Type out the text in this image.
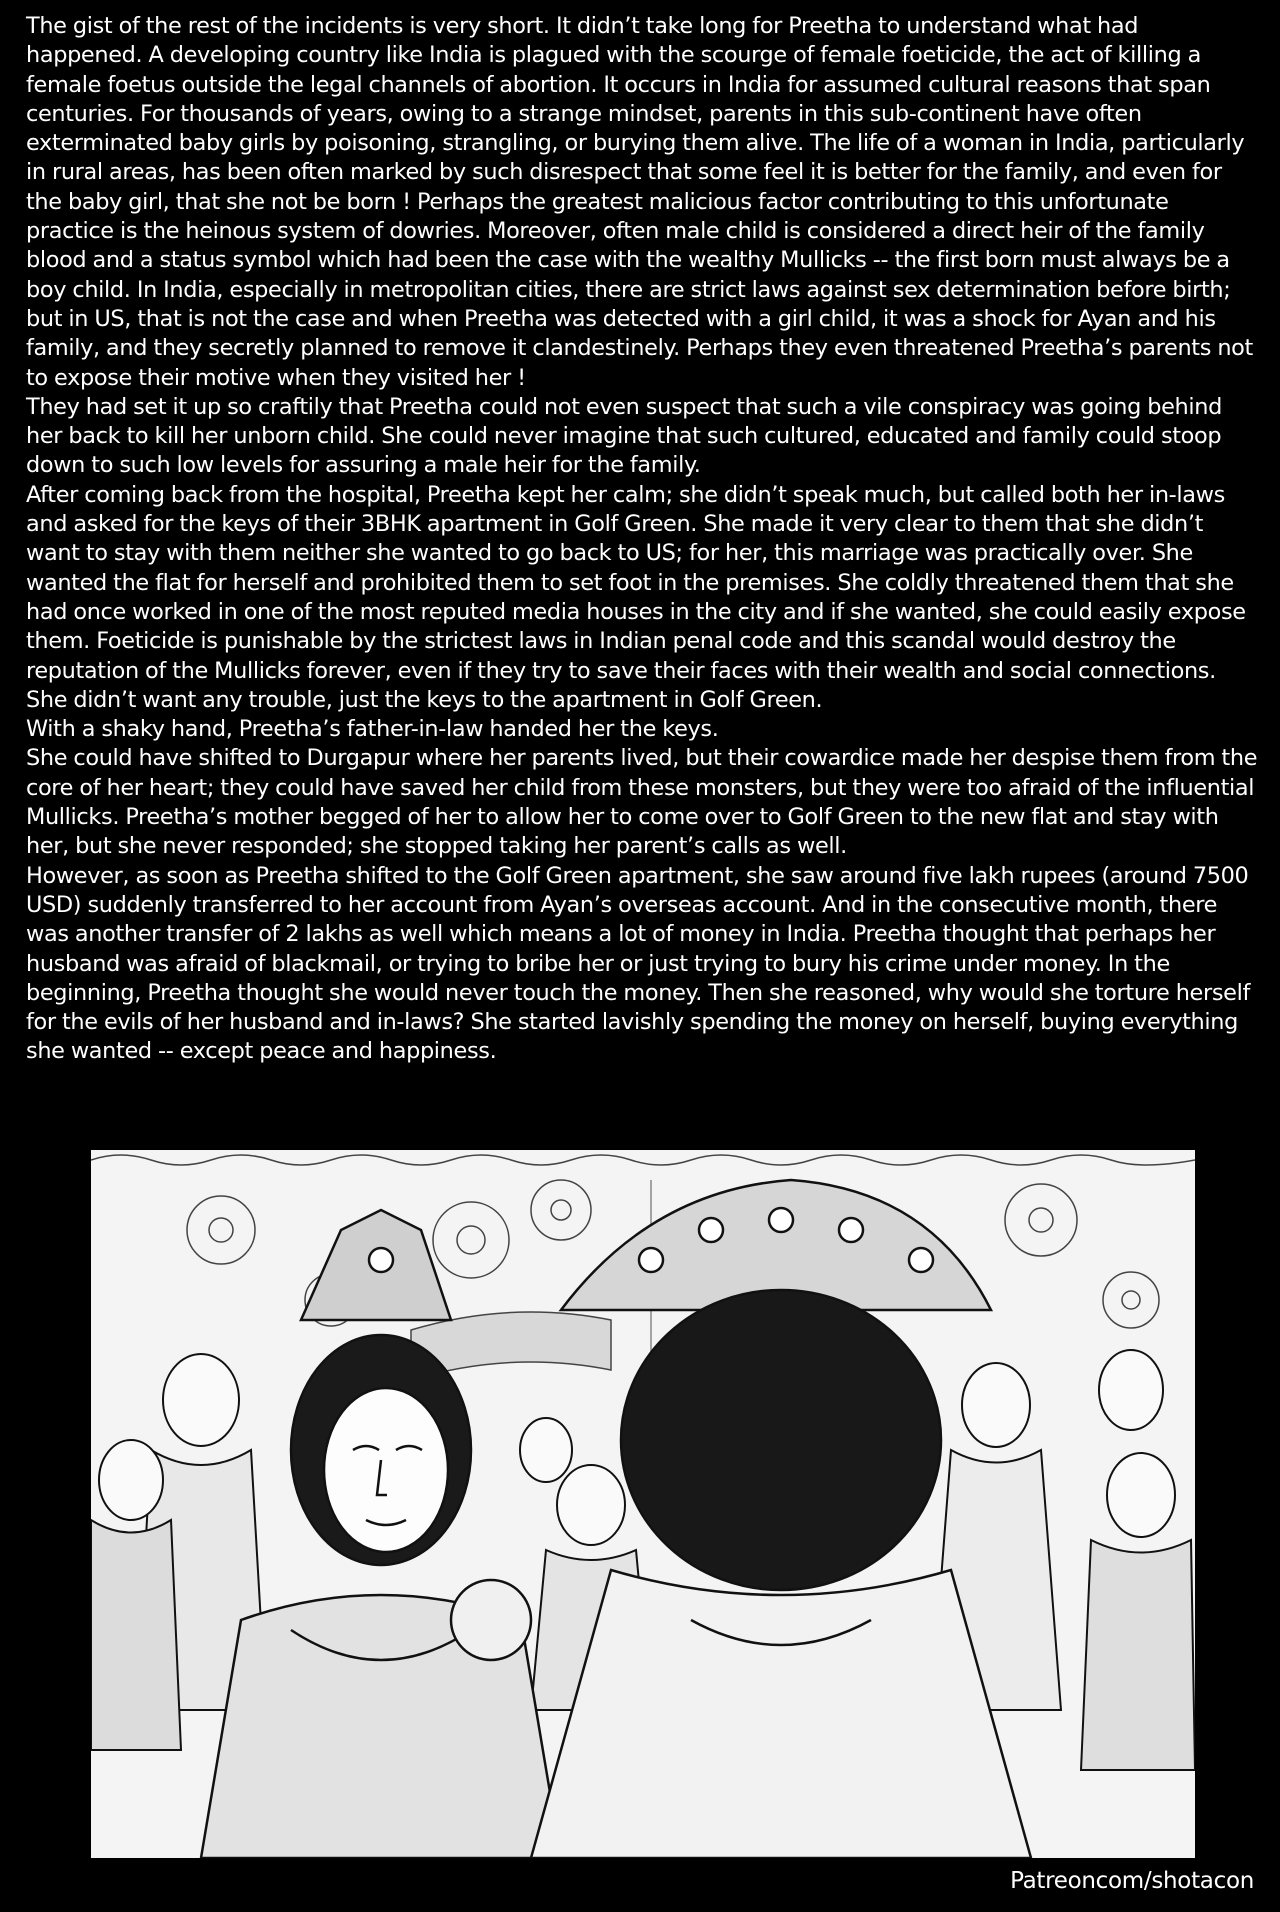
The gist of the rest of the incidents is very short. It didn’t take long for Preetha to understand what had happened. A developing country like India is plagued with the scourge of female foeticide, the act of killing a female foetus outside the legal channels of abortion. It occurs in India for assumed cultural reasons that span centuries. For thousands of years, owing to a strange mindset, parents in this sub-continent have often exterminated baby girls by poisoning, strangling, or burying them alive. The life of a woman in India, particularly in rural areas, has been often marked by such disrespect that some feel it is better for the family, and even for the baby girl, that she not be born ! Perhaps the greatest malicious factor contributing to this unfortunate practice is the heinous system of dowries. Moreover, often male child is considered a direct heir of the family blood and a status symbol which had been the case with the wealthy Mullicks -- the first born must always be a boy child. In India, especially in metropolitan cities, there are strict laws against sex determination before birth; but in US, that is not the case and when Preetha was detected with a girl child, it was a shock for Ayan and his family, and they secretly planned to remove it clandestinely. Perhaps they even threatened Preetha’s parents not to expose their motive when they visited her !

They had set it up so craftily that Preetha could not even suspect that such a vile conspiracy was going behind her back to kill her unborn child. She could never imagine that such cultured, educated and family could stoop down to such low levels for assuring a male heir for the family.

After coming back from the hospital, Preetha kept her calm; she didn’t speak much, but called both her in-laws and asked for the keys of their 3BHK apartment in Golf Green. She made it very clear to them that she didn’t want to stay with them neither she wanted to go back to US; for her, this marriage was practically over. She wanted the flat for herself and prohibited them to set foot in the premises. She coldly threatened them that she had once worked in one of the most reputed media houses in the city and if she wanted, she could easily expose them. Foeticide is punishable by the strictest laws in Indian penal code and this scandal would destroy the reputation of the Mullicks forever, even if they try to save their faces with their wealth and social connections. She didn’t want any trouble, just the keys to the apartment in Golf Green.

With a shaky hand, Preetha’s father-in-law handed her the keys.

She could have shifted to Durgapur where her parents lived, but their cowardice made her despise them from the core of her heart; they could have saved her child from these monsters, but they were too afraid of the influential Mullicks. Preetha’s mother begged of her to allow her to come over to Golf Green to the new flat and stay with her, but she never responded; she stopped taking her parent’s calls as well.

However, as soon as Preetha shifted to the Golf Green apartment, she saw around five lakh rupees (around 7500 USD) suddenly transferred to her account from Ayan’s overseas account. And in the consecutive month, there was another transfer of 2 lakhs as well which means a lot of money in India. Preetha thought that perhaps her husband was afraid of blackmail, or trying to bribe her or just trying to bury his crime under money. In the beginning, Preetha thought she would never touch the money. Then she reasoned, why would she torture herself for the evils of her husband and in-laws? She started lavishly spending the money on herself, buying everything she wanted -- except peace and happiness.

Patreoncom/shotacon
